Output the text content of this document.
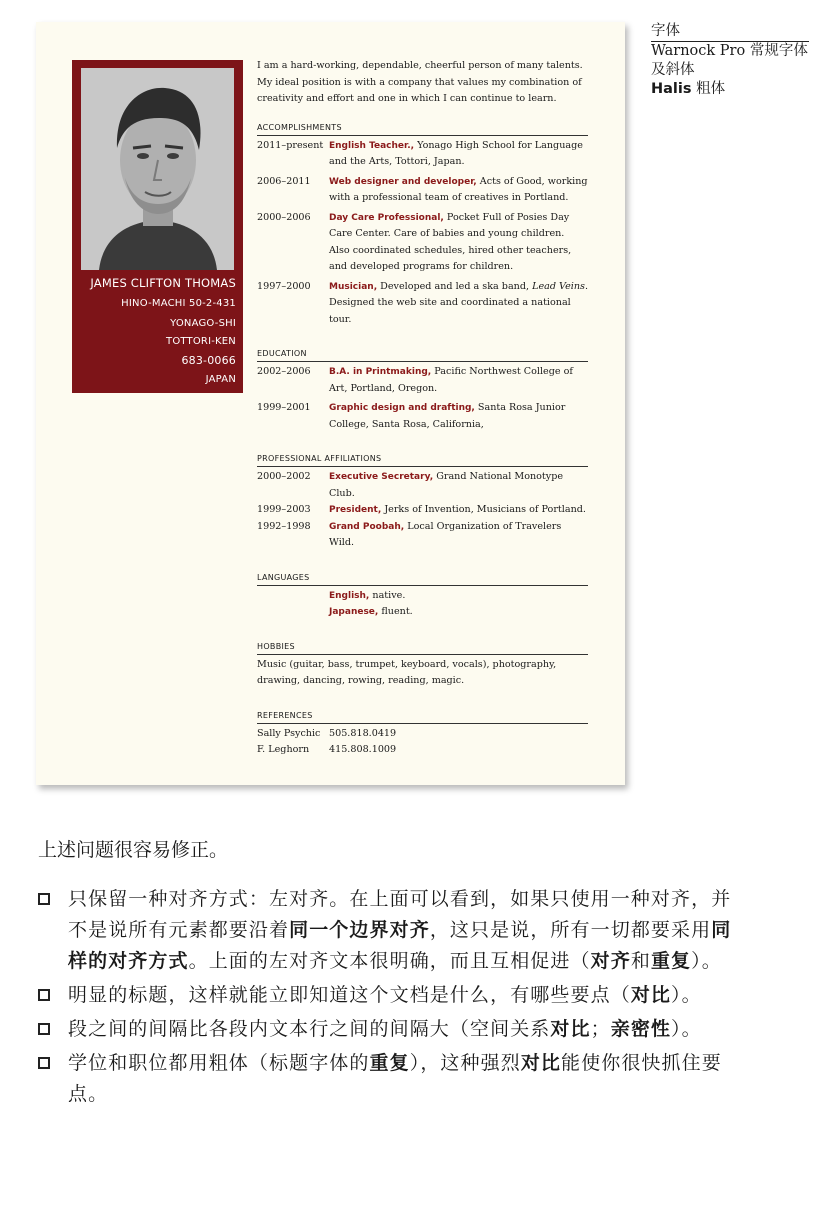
字体
Warnock Pro 常规字体
及斜体
Halis 粗体
JAMES CLIFTON THOMAS
HINO-MACHI 50-2-431
YONAGO-SHI
TOTTORI-KEN
683-0066
JAPAN

I am a hard-working, dependable, cheerful person of many talents. My ideal position is with a company that values my combination of creativity and effort and one in which I can continue to learn.

ACCOMPLISHMENTS
2011–present English Teacher., Yonago High School for Language and the Arts, Tottori, Japan.
2006–2011	Web designer and developer, Acts of Good, working with a professional team of creatives in Portland.
2000–2006	Day Care Professional, Pocket Full of Posies Day Care Center. Care of babies and young children. Also coordinated schedules, hired other teachers, and developed programs for children.
1997–2000	Musician, Developed and led a ska band, Lead Veins. Designed the web site and coordinated a national tour.
EDUCATION
2002–2006	B.A. in Printmaking, Pacific Northwest College of Art, Portland, Oregon.
1999–2001	Graphic design and drafting, Santa Rosa Junior College, Santa Rosa, California,
PROFESSIONAL AFFILIATIONS
2000–2002	Executive Secretary, Grand National Monotype Club.
1999–2003	President, Jerks of Invention, Musicians of Portland.
1992–1998	Grand Poobah, Local Organization of Travelers Wild.
LANGUAGES
English, native.
Japanese, fluent.
HOBBIES

Music (guitar, bass, trumpet, keyboard, vocals), photography, drawing, dancing, rowing, reading, magic.

REFERENCES
Sally Psychic 505.818.0419
F. Leghorn	415.808.1009

上述问题很容易修正。

只保留一种对齐方式：左对齐。在上面可以看到，如果只使用一种对齐，并不是说所有元素都要沿着同一个边界对齐，这只是说，所有一切都要采用同样的对齐方式。上面的左对齐文本很明确，而且互相促进（对齐和重复）。
明显的标题，这样就能立即知道这个文档是什么，有哪些要点（对比）。
段之间的间隔比各段内文本行之间的间隔大（空间关系对比；亲密性）。
学位和职位都用粗体（标题字体的重复），这种强烈对比能使你很快抓住要点。
